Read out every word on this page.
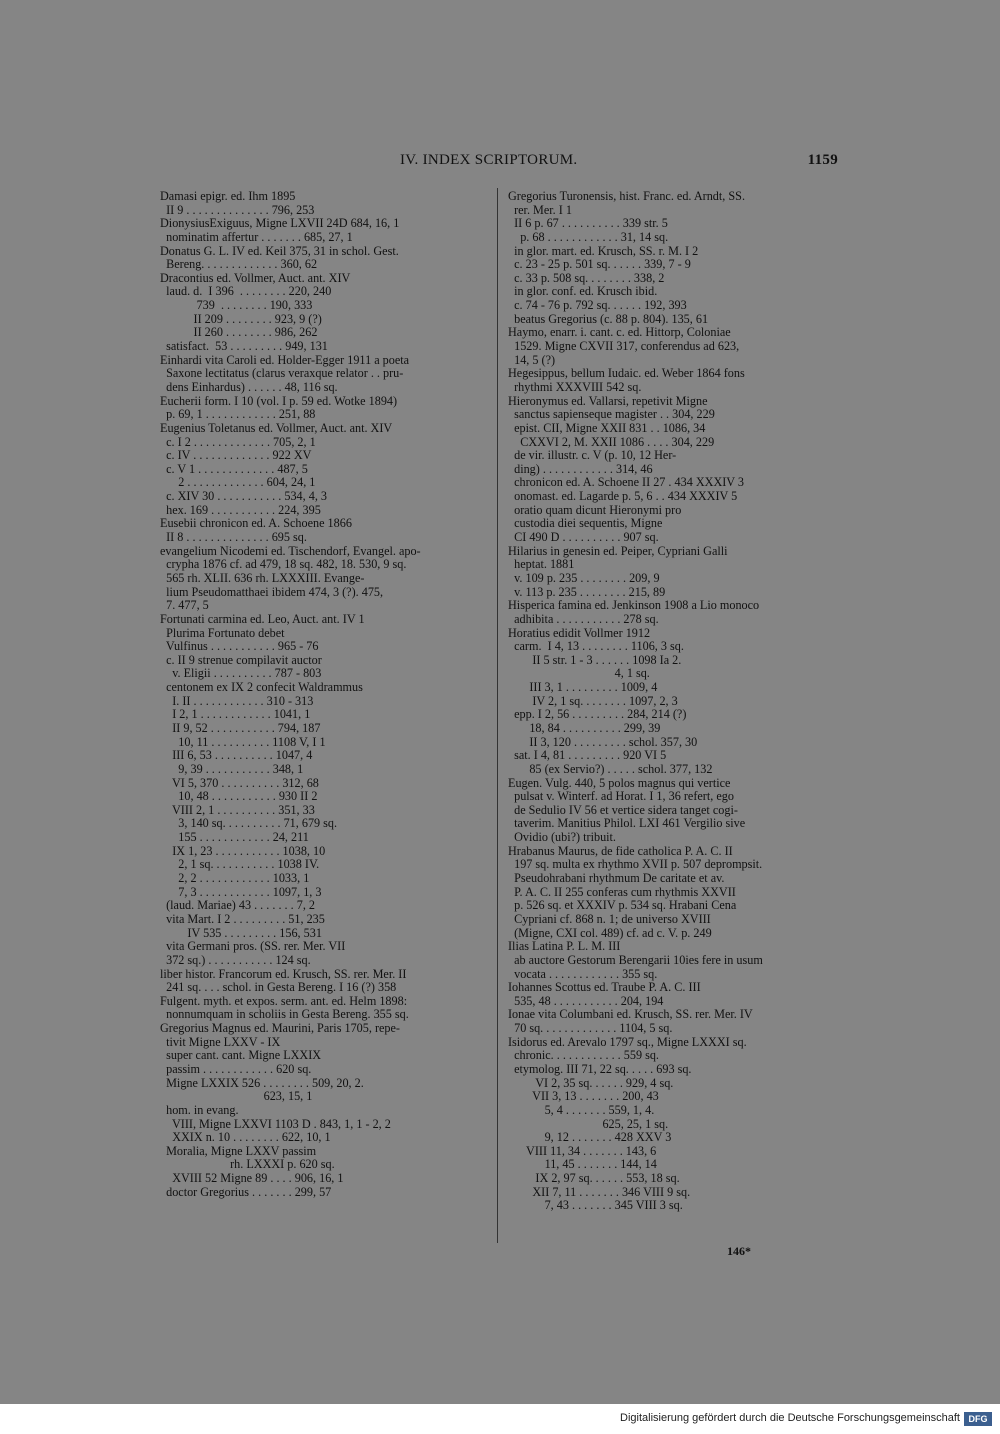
IV. INDEX SCRIPTORUM.	1159
Damasi epigr. ed. Ihm 1895
II 9 . . . . . . . . . . . . . . 796, 253
DionysiusExiguus, Migne LXVII 24D 684, 16, 1
nominatim affertur . . . . . . . 685, 27, 1
Donatus G. L. IV ed. Keil 375, 31 in schol. Gest.
Bereng. . . . . . . . . . . . . 360, 62
Dracontius ed. Vollmer, Auct. ant. XIV
laud. d.  I 396  . . . . . . . . 220, 240
739  . . . . . . . . 190, 333
II 209 . . . . . . . . 923, 9 (?)
II 260 . . . . . . . . 986, 262
satisfact.  53 . . . . . . . . . 949, 131
Einhardi vita Caroli ed. Holder-Egger 1911 a poeta
Saxone lectitatus (clarus veraxque relator . . pru-
dens Einhardus) . . . . . . 48, 116 sq.
Eucherii form. I 10 (vol. I p. 59 ed. Wotke 1894)
p. 69, 1 . . . . . . . . . . . . 251, 88
Eugenius Toletanus ed. Vollmer, Auct. ant. XIV
c. I 2 . . . . . . . . . . . . . 705, 2, 1
c. IV . . . . . . . . . . . . . 922 XV
c. V 1 . . . . . . . . . . . . . 487, 5
2 . . . . . . . . . . . . . 604, 24, 1
c. XIV 30 . . . . . . . . . . . 534, 4, 3
hex. 169 . . . . . . . . . . . 224, 395
Eusebii chronicon ed. A. Schoene 1866
II 8 . . . . . . . . . . . . . . 695 sq.
evangelium Nicodemi ed. Tischendorf, Evangel. apo-
crypha 1876 cf. ad 479, 18 sq. 482, 18. 530, 9 sq.
565 rh. XLII. 636 rh. LXXXIII. Evange-
lium Pseudomatthaei ibidem 474, 3 (?). 475,
7. 477, 5
Fortunati carmina ed. Leo, Auct. ant. IV 1
Plurima Fortunato debet
Vulfinus . . . . . . . . . . . 965 - 76
c. II 9 strenue compilavit auctor
v. Eligii . . . . . . . . . . 787 - 803
centonem ex IX 2 confecit Waldrammus
I. II . . . . . . . . . . . . 310 - 313
I 2, 1 . . . . . . . . . . . . 1041, 1
II 9, 52 . . . . . . . . . . . 794, 187
10, 11 . . . . . . . . . . 1108 V, I 1
III 6, 53 . . . . . . . . . . 1047, 4
9, 39 . . . . . . . . . . . 348, 1
VI 5, 370 . . . . . . . . . . 312, 68
10, 48 . . . . . . . . . . . 930 II 2
VIII 2, 1 . . . . . . . . . . 351, 33
3, 140 sq. . . . . . . . . . 71, 679 sq.
155 . . . . . . . . . . . . 24, 211
IX 1, 23 . . . . . . . . . . . 1038, 10
2, 1 sq. . . . . . . . . . . 1038 IV.
2, 2 . . . . . . . . . . . . 1033, 1
7, 3 . . . . . . . . . . . . 1097, 1, 3
(laud. Mariae) 43 . . . . . . . 7, 2
vita Mart. I 2 . . . . . . . . . 51, 235
IV 535 . . . . . . . . . 156, 531
vita Germani pros. (SS. rer. Mer. VII
372 sq.) . . . . . . . . . . . 124 sq.
liber histor. Francorum ed. Krusch, SS. rer. Mer. II
241 sq. . . . schol. in Gesta Bereng. I 16 (?) 358
Fulgent. myth. et expos. serm. ant. ed. Helm 1898:
nonnumquam in scholiis in Gesta Bereng. 355 sq.
Gregorius Magnus ed. Maurini, Paris 1705, repe-
tivit Migne LXXV - IX
super cant. cant. Migne LXXIX
passim . . . . . . . . . . . . 620 sq.
Migne LXXIX 526 . . . . . . . . 509, 20, 2.
623, 15, 1
hom. in evang.
VIII, Migne LXXVI 1103 D . 843, 1, 1 - 2, 2
XXIX n. 10 . . . . . . . . 622, 10, 1
Moralia, Migne LXXV passim
rh. LXXXI p. 620 sq.
XVIII 52 Migne 89 . . . . 906, 16, 1
doctor Gregorius . . . . . . . 299, 57
Gregorius Turonensis, hist. Franc. ed. Arndt, SS.
rer. Mer. I 1
II 6 p. 67 . . . . . . . . . . 339 str. 5
p. 68 . . . . . . . . . . . . 31, 14 sq.
in glor. mart. ed. Krusch, SS. r. M. I 2
c. 23 - 25 p. 501 sq. . . . . . 339, 7 - 9
c. 33 p. 508 sq. . . . . . . . 338, 2
in glor. conf. ed. Krusch ibid.
c. 74 - 76 p. 792 sq. . . . . . 192, 393
beatus Gregorius (c. 88 p. 804). 135, 61
Haymo, enarr. i. cant. c. ed. Hittorp, Coloniae
1529. Migne CXVII 317, conferendus ad 623,
14, 5 (?)
Hegesippus, bellum Iudaic. ed. Weber 1864 fons
rhythmi XXXVIII 542 sq.
Hieronymus ed. Vallarsi, repetivit Migne
sanctus sapienseque magister . . 304, 229
epist. CII, Migne XXII 831 . . 1086, 34
CXXVI 2, M. XXII 1086 . . . . 304, 229
de vir. illustr. c. V (p. 10, 12 Her-
ding) . . . . . . . . . . . . 314, 46
chronicon ed. A. Schoene II 27 . 434 XXXIV 3
onomast. ed. Lagarde p. 5, 6 . . 434 XXXIV 5
oratio quam dicunt Hieronymi pro
custodia diei sequentis, Migne
CI 490 D . . . . . . . . . . 907 sq.
Hilarius in genesin ed. Peiper, Cypriani Galli
heptat. 1881
v. 109 p. 235 . . . . . . . . 209, 9
v. 113 p. 235 . . . . . . . . 215, 89
Hisperica famina ed. Jenkinson 1908 a Lio monoco
adhibita . . . . . . . . . . . 278 sq.
Horatius edidit Vollmer 1912
carm.  I 4, 13 . . . . . . . . 1106, 3 sq.
II 5 str. 1 - 3 . . . . . . 1098 Ia 2.
4, 1 sq.
III 3, 1 . . . . . . . . . 1009, 4
IV 2, 1 sq. . . . . . . . 1097, 2, 3
epp. I 2, 56 . . . . . . . . . 284, 214 (?)
18, 84 . . . . . . . . . . 299, 39
II 3, 120 . . . . . . . . . schol. 357, 30
sat. I 4, 81 . . . . . . . . . 920 VI 5
85 (ex Servio?) . . . . . schol. 377, 132
Eugen. Vulg. 440, 5 polos magnus qui vertice
pulsat v. Winterf. ad Horat. I 1, 36 refert, ego
de Sedulio IV 56 et vertice sidera tanget cogi-
taverim. Manitius Philol. LXI 461 Vergilio sive
Ovidio (ubi?) tribuit.
Hrabanus Maurus, de fide catholica P. A. C. II
197 sq. multa ex rhythmo XVII p. 507 deprompsit.
Pseudohrabani rhythmum De caritate et av.
P. A. C. II 255 conferas cum rhythmis XXVII
p. 526 sq. et XXXIV p. 534 sq. Hrabani Cena
Cypriani cf. 868 n. 1; de universo XVIII
(Migne, CXI col. 489) cf. ad c. V. p. 249
Ilias Latina P. L. M. III
ab auctore Gestorum Berengarii 10ies fere in usum
vocata . . . . . . . . . . . . 355 sq.
Iohannes Scottus ed. Traube P. A. C. III
535, 48 . . . . . . . . . . . 204, 194
Ionae vita Columbani ed. Krusch, SS. rer. Mer. IV
70 sq. . . . . . . . . . . . . 1104, 5 sq.
Isidorus ed. Arevalo 1797 sq., Migne LXXXI sq.
chronic. . . . . . . . . . . . 559 sq.
etymolog. III 71, 22 sq. . . . . 693 sq.
VI 2, 35 sq. . . . . . 929, 4 sq.
VII 3, 13 . . . . . . . 200, 43
5, 4 . . . . . . . 559, 1, 4.
625, 25, 1 sq.
9, 12 . . . . . . . 428 XXV 3
VIII 11, 34 . . . . . . . 143, 6
11, 45 . . . . . . . 144, 14
IX 2, 97 sq. . . . . . 553, 18 sq.
XII 7, 11 . . . . . . . 346 VIII 9 sq.
7, 43 . . . . . . . 345 VIII 3 sq.
146*
Digitalisierung gefördert durch die Deutsche Forschungsgemeinschaft DFG
